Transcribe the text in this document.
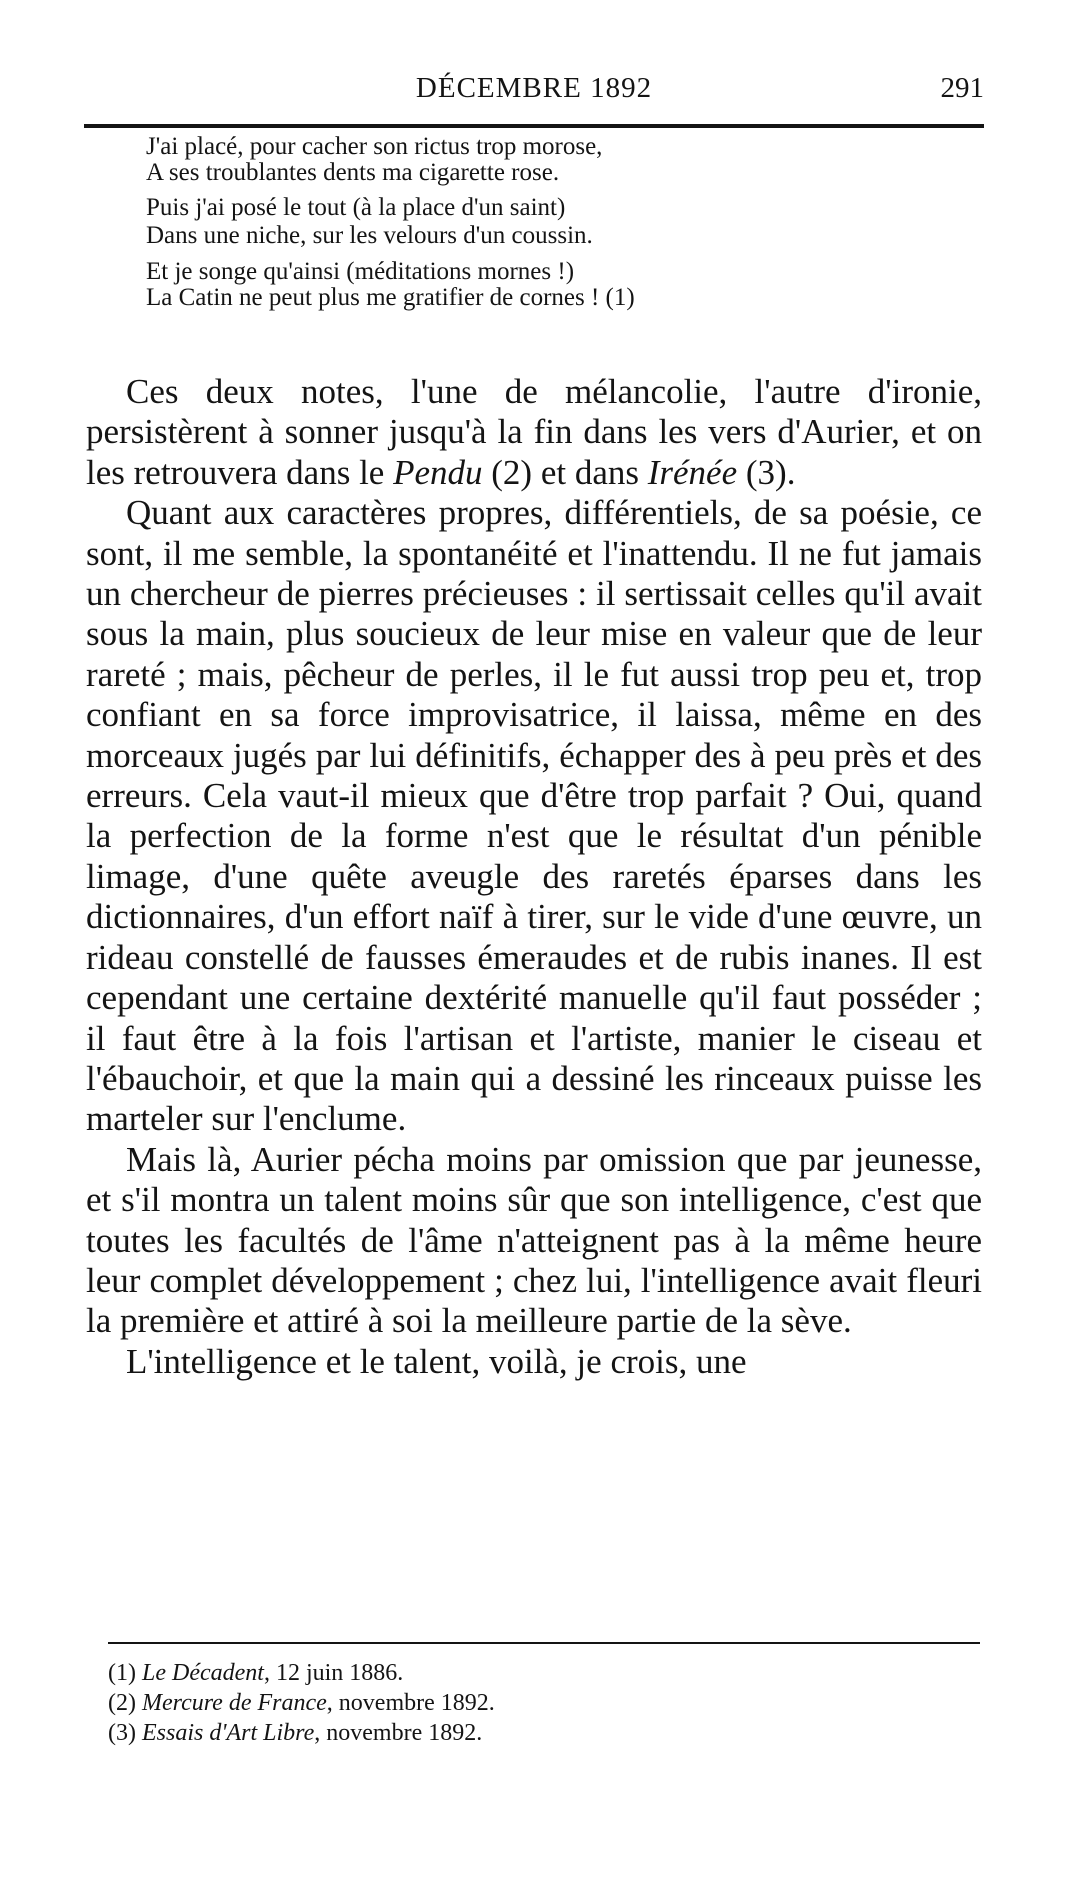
DÉCEMBRE 1892	291
J'ai placé, pour cacher son rictus trop morose,
A ses troublantes dents ma cigarette rose.
Puis j'ai posé le tout (à la place d'un saint)
Dans une niche, sur les velours d'un coussin.
Et je songe qu'ainsi (méditations mornes !)
La Catin ne peut plus me gratifier de cornes ! (1)

Ces deux notes, l'une de mélancolie, l'autre d'ironie, persistèrent à sonner jusqu'à la fin dans les vers d'Aurier, et on les retrouvera dans le Pendu (2) et dans Irénée (3).

Quant aux caractères propres, différentiels, de sa poésie, ce sont, il me semble, la spontanéité et l'inattendu. Il ne fut jamais un chercheur de pierres précieuses : il sertissait celles qu'il avait sous la main, plus soucieux de leur mise en valeur que de leur rareté ; mais, pêcheur de perles, il le fut aussi trop peu et, trop confiant en sa force improvisatrice, il laissa, même en des morceaux jugés par lui définitifs, échapper des à peu près et des erreurs. Cela vaut-il mieux que d'être trop parfait ? Oui, quand la perfection de la forme n'est que le résultat d'un pénible limage, d'une quête aveugle des raretés éparses dans les dictionnaires, d'un effort naïf à tirer, sur le vide d'une œuvre, un rideau constellé de fausses émeraudes et de rubis inanes. Il est cependant une certaine dextérité manuelle qu'il faut posséder ; il faut être à la fois l'artisan et l'artiste, manier le ciseau et l'ébauchoir, et que la main qui a dessiné les rinceaux puisse les marteler sur l'enclume.

Mais là, Aurier pécha moins par omission que par jeunesse, et s'il montra un talent moins sûr que son intelligence, c'est que toutes les facultés de l'âme n'atteignent pas à la même heure leur complet développement ; chez lui, l'intelligence avait fleuri la première et attiré à soi la meilleure partie de la sève.

L'intelligence et le talent, voilà, je crois, une

(1) Le Décadent, 12 juin 1886.
(2) Mercure de France, novembre 1892.
(3) Essais d'Art Libre, novembre 1892.
